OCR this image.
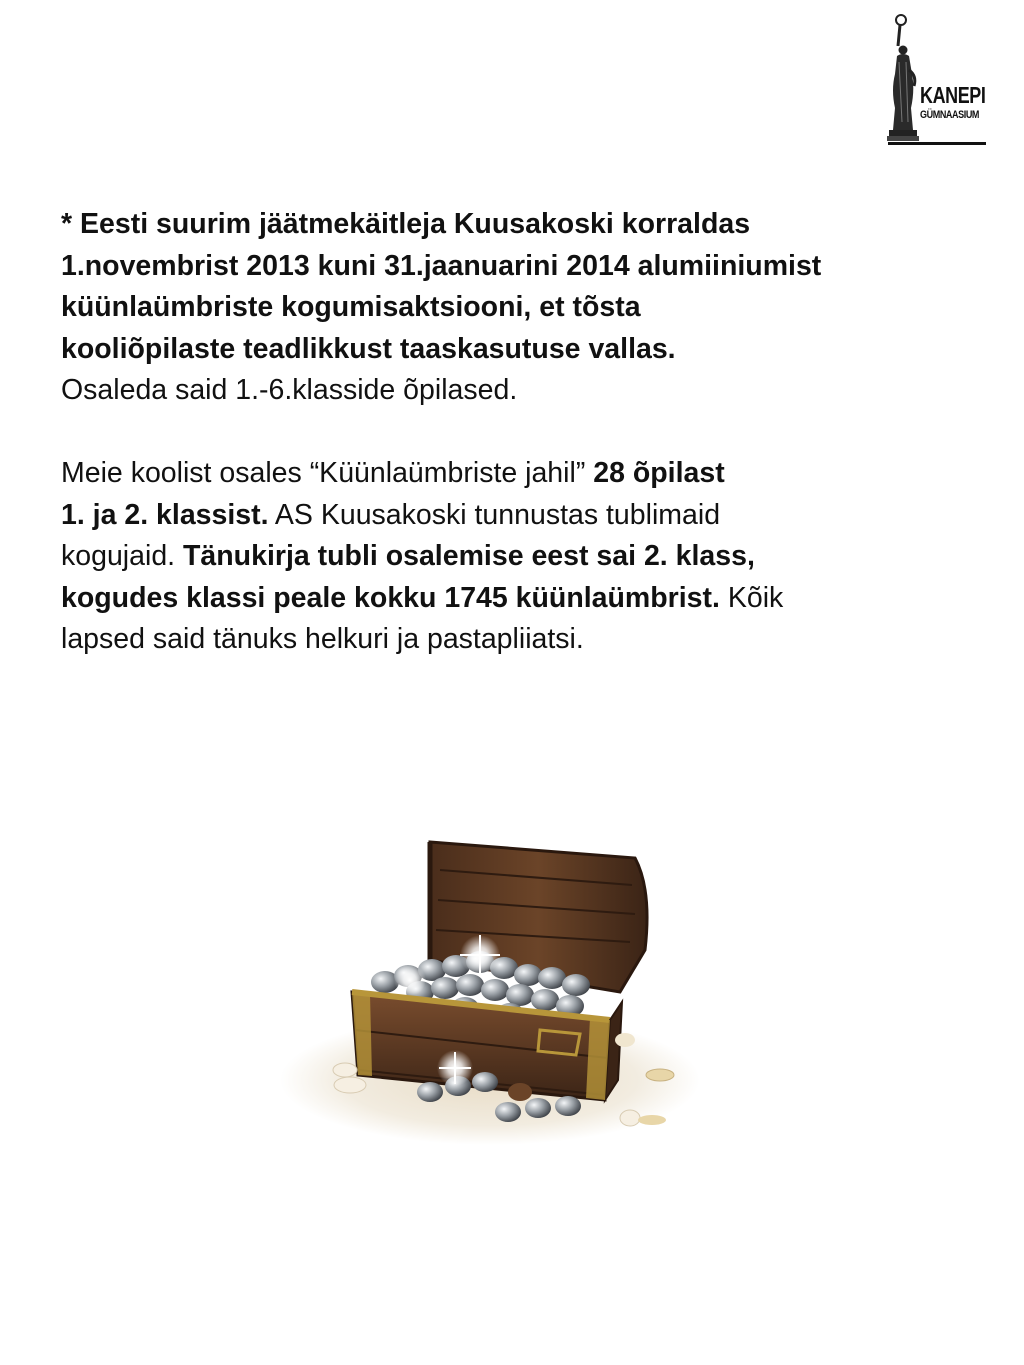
KANEPI
GÜMNAASIUM

* Eesti suurim jäätmekäitleja Kuusakoski korraldas

1.novembrist 2013 kuni 31.jaanuarini 2014 alumiiniumist

küünlaümbriste kogumisaktsiooni, et tõsta

kooliõpilaste teadlikkust taaskasutuse vallas.

Osaleda said 1.-6.klasside õpilased.

Meie koolist osales “Küünlaümbriste jahil” 28 õpilast

1. ja 2. klassist. AS Kuusakoski tunnustas tublimaid

kogujaid. Tänukirja tubli osalemise eest sai 2. klass,

kogudes klassi peale kokku 1745 küünlaümbrist. Kõik

lapsed said tänuks helkuri ja pastapliiatsi.
